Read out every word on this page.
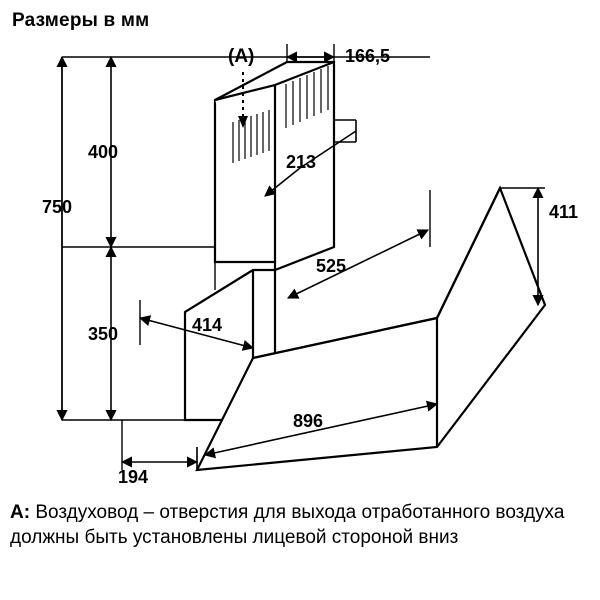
Размеры в мм
(A)	166,5
213
400
750
350
411
525
414
896
194
A: Воздуховод – отверстия для выхода отработанного воздуха должны быть установлены лицевой стороной вниз
